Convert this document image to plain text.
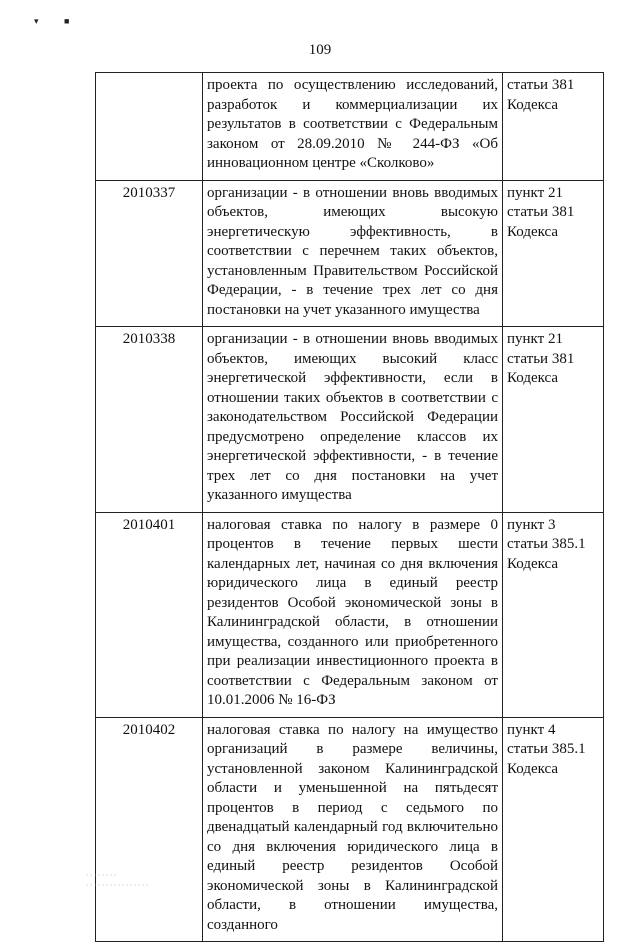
▾	■
109
	проекта по осуществлению исследований, разработок и коммерциализации их результатов в соответствии с Федеральным законом от 28.09.2010 № 244-ФЗ «Об инновационном центре «Сколково»	статьи 381 Кодекса
2010337	организации - в отношении вновь вводимых объектов, имеющих высокую энергетическую эффективность, в соответствии с перечнем таких объектов, установленным Правительством Российской Федерации, - в течение трех лет со дня постановки на учет указанного имущества	пункт 21 статьи 381 Кодекса
2010338	организации - в отношении вновь вводимых объектов, имеющих высокий класс энергетической эффективности, если в отношении таких объектов в соответствии с законодательством Российской Федерации предусмотрено определение классов их энергетической эффективности, - в течение трех лет со дня постановки на учет указанного имущества	пункт 21 статьи 381 Кодекса
2010401	налоговая ставка по налогу в размере 0 процентов в течение первых шести календарных лет, начиная со дня включения юридического лица в единый реестр резидентов Особой экономической зоны в Калининградской области, в отношении имущества, созданного или приобретенного при реализации инвестиционного проекта в соответствии с Федеральным законом от 10.01.2006 № 16-ФЗ	пункт 3 статьи 385.1 Кодекса
2010402	налоговая ставка по налогу на имущество организаций в размере величины, установленной законом Калининградской области и уменьшенной на пятьдесят процентов в период с седьмого по двенадцатый календарный год включительно со дня включения юридического лица в единый реестр резидентов Особой экономической зоны в Калининградской области, в отношении имущества, созданного	пункт 4 статьи 385.1 Кодекса
· · · · · · · ·
· · · · · · · · · · · · · · · ·
